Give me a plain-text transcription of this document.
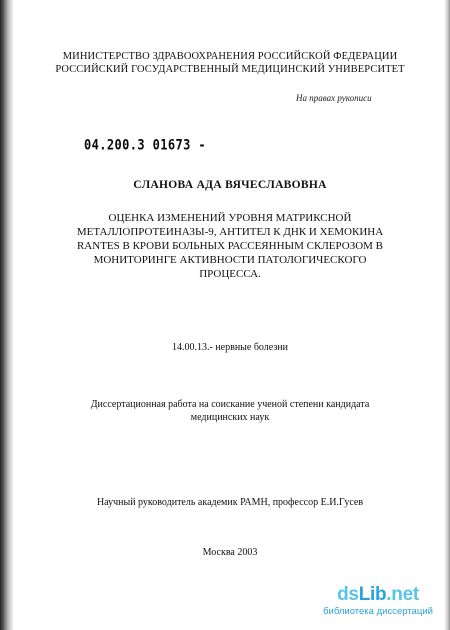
МИНИСТЕРСТВО ЗДРАВООХРАНЕНИЯ РОССИЙСКОЙ ФЕДЕРАЦИИ
РОССИЙСКИЙ ГОСУДАРСТВЕННЫЙ МЕДИЦИНСКИЙ УНИВЕРСИТЕТ
На правах рукописи
04.200.3 01673 -
СЛАНОВА АДА ВЯЧЕСЛАВОВНА
ОЦЕНКА ИЗМЕНЕНИЙ УРОВНЯ МАТРИКСНОЙ
МЕТАЛЛОПРОТЕИНАЗЫ-9, АНТИТЕЛ К ДНК И ХЕМОКИНА
RANTES В КРОВИ БОЛЬНЫХ РАССЕЯННЫМ СКЛЕРОЗОМ В
МОНИТОРИНГЕ АКТИВНОСТИ ПАТОЛОГИЧЕСКОГО
ПРОЦЕССА.
14.00.13.- нервные болезни
Диссертационная работа на соискание ученой степени кандидата
медицинских наук
Научный руководитель академик РАМН, профессор Е.И.Гусев
Москва 2003
dsLib.net
библиотека диссертаций
